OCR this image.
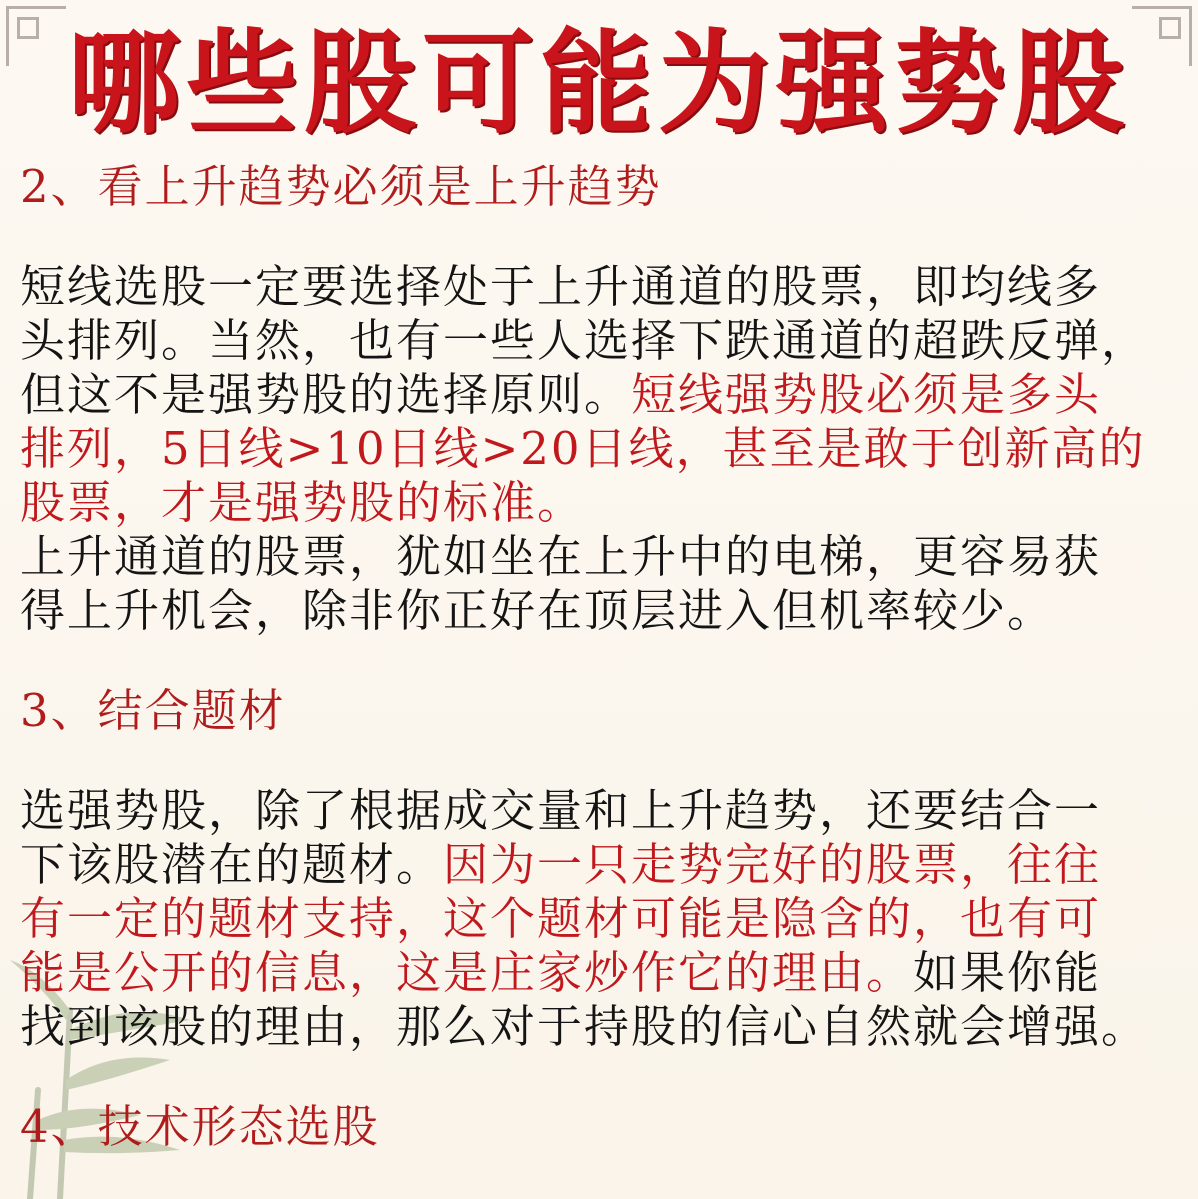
哪些股可能为强势股
2、看上升趋势必须是上升趋势
短线选股一定要选择处于上升通道的股票，即均线多
头排列。当然，也有一些人选择下跌通道的超跌反弹，
但这不是强势股的选择原则。短线强势股必须是多头
排列，5日线>10日线>20日线，甚至是敢于创新高的
股票，才是强势股的标准。
上升通道的股票，犹如坐在上升中的电梯，更容易获
得上升机会，除非你正好在顶层进入但机率较少。
3、结合题材
选强势股，除了根据成交量和上升趋势，还要结合一
下该股潜在的题材。因为一只走势完好的股票，往往
有一定的题材支持，这个题材可能是隐含的，也有可
能是公开的信息，这是庄家炒作它的理由。如果你能
找到该股的理由，那么对于持股的信心自然就会增强。
4、技术形态选股
